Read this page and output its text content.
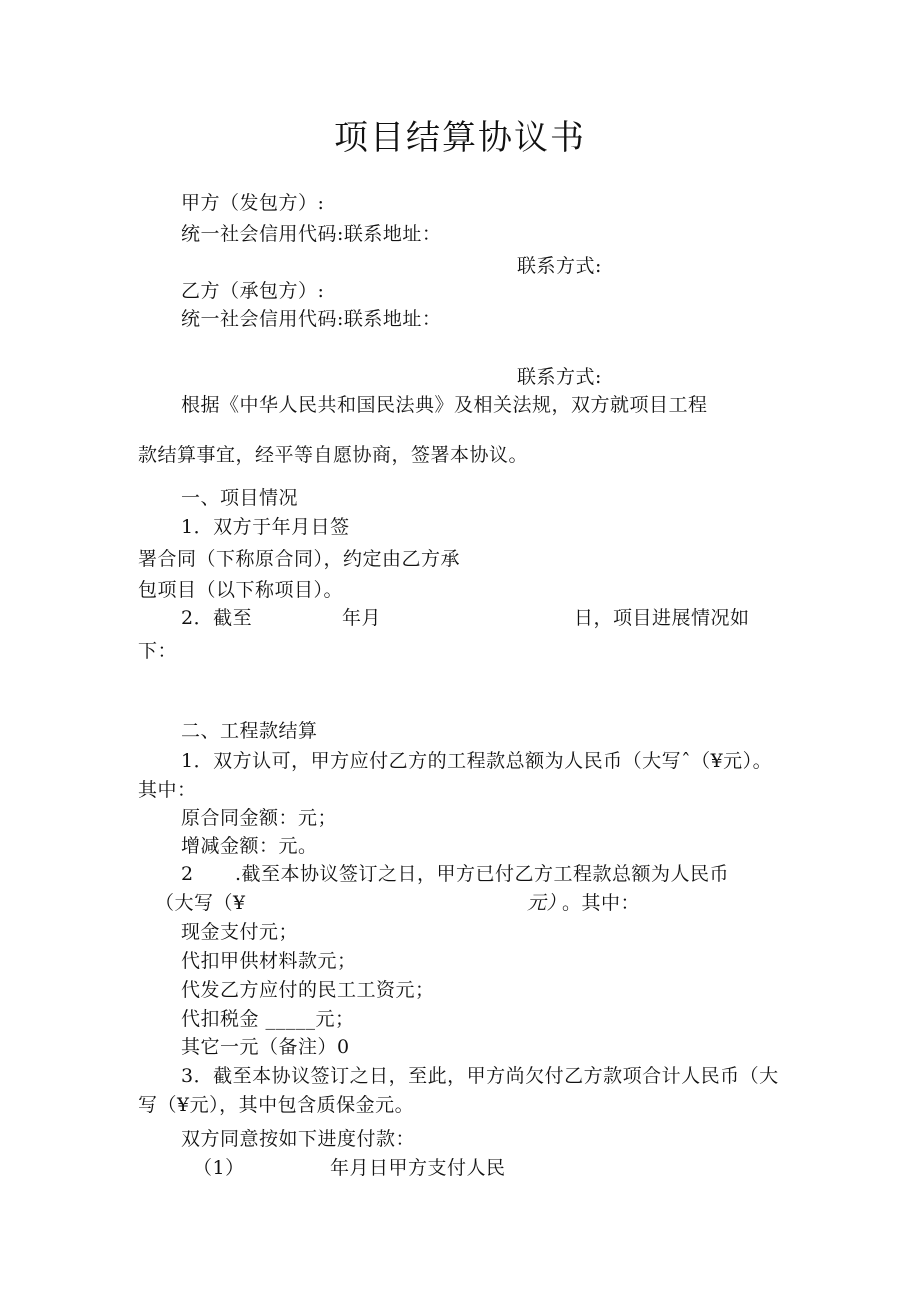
项目结算协议书
甲方（发包方）:
统一社会信用代码:联系地址：
联系方式:
乙方（承包方）:
统一社会信用代码:联系地址：
联系方式:
根据《中华人民共和国民法典》及相关法规，双方就项目工程
款结算事宜，经平等自愿协商，签署本协议。
一、项目情况
1．双方于年月日签
署合同（下称原合同），约定由乙方承
包项目（以下称项目）。
2．截至	年月	日，项目进展情况如
下：
二、工程款结算
1．双方认可，甲方应付乙方的工程款总额为人民币（大写ˆ（¥元）。
其中：
原合同金额：元；
增减金额：元。
2 .截至本协议签订之日，甲方已付乙方工程款总额为人民币
（大写（¥	元）
。其中：
现金支付元；
代扣甲供材料款元；
代发乙方应付的民工工资元；
代扣税金 _____元；
其它一元（备注）0
3．截至本协议签订之日，至此，甲方尚欠付乙方款项合计人民币（大
写（¥元），其中包含质保金元。
双方同意按如下进度付款：
（1）	年月日甲方支付人民
